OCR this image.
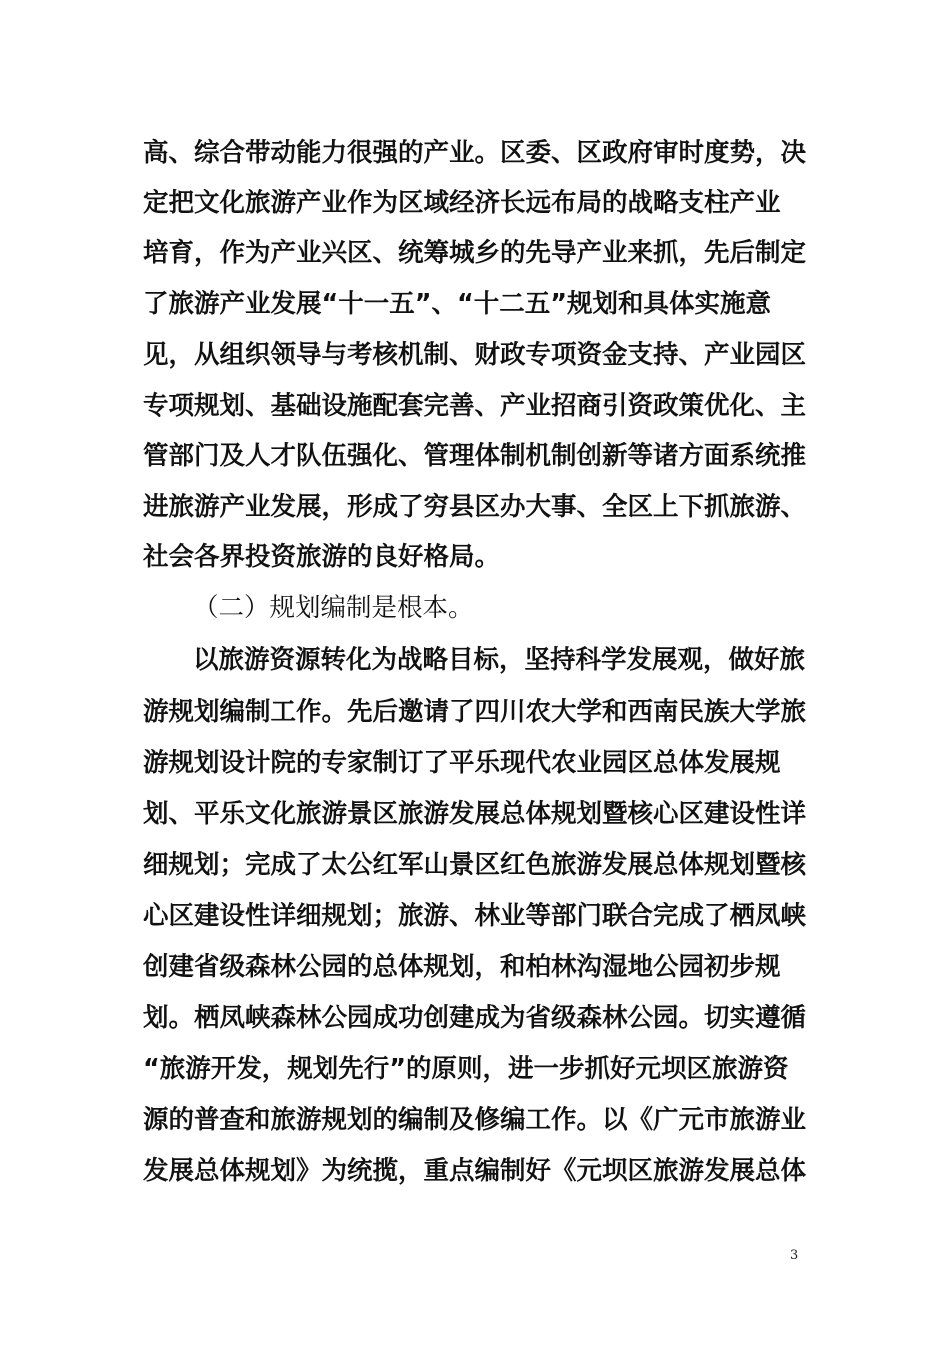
高、综合带动能力很强的产业。区委、区政府审时度势，决
定把文化旅游产业作为区域经济长远布局的战略支柱产业
培育，作为产业兴区、统筹城乡的先导产业来抓，先后制定
了旅游产业发展“十一五”、“十二五”规划和具体实施意
见，从组织领导与考核机制、财政专项资金支持、产业园区
专项规划、基础设施配套完善、产业招商引资政策优化、主
管部门及人才队伍强化、管理体制机制创新等诸方面系统推
进旅游产业发展，形成了穷县区办大事、全区上下抓旅游、
社会各界投资旅游的良好格局。
（二）规划编制是根本。
以旅游资源转化为战略目标，坚持科学发展观，做好旅
游规划编制工作。先后邀请了四川农大学和西南民族大学旅
游规划设计院的专家制订了平乐现代农业园区总体发展规
划、平乐文化旅游景区旅游发展总体规划暨核心区建设性详
细规划；完成了太公红军山景区红色旅游发展总体规划暨核
心区建设性详细规划；旅游、林业等部门联合完成了栖凤峡
创建省级森林公园的总体规划，和柏林沟湿地公园初步规
划。栖凤峡森林公园成功创建成为省级森林公园。切实遵循
“旅游开发，规划先行”的原则，进一步抓好元坝区旅游资
源的普查和旅游规划的编制及修编工作。以《广元市旅游业
发展总体规划》为统揽，重点编制好《元坝区旅游发展总体
3
